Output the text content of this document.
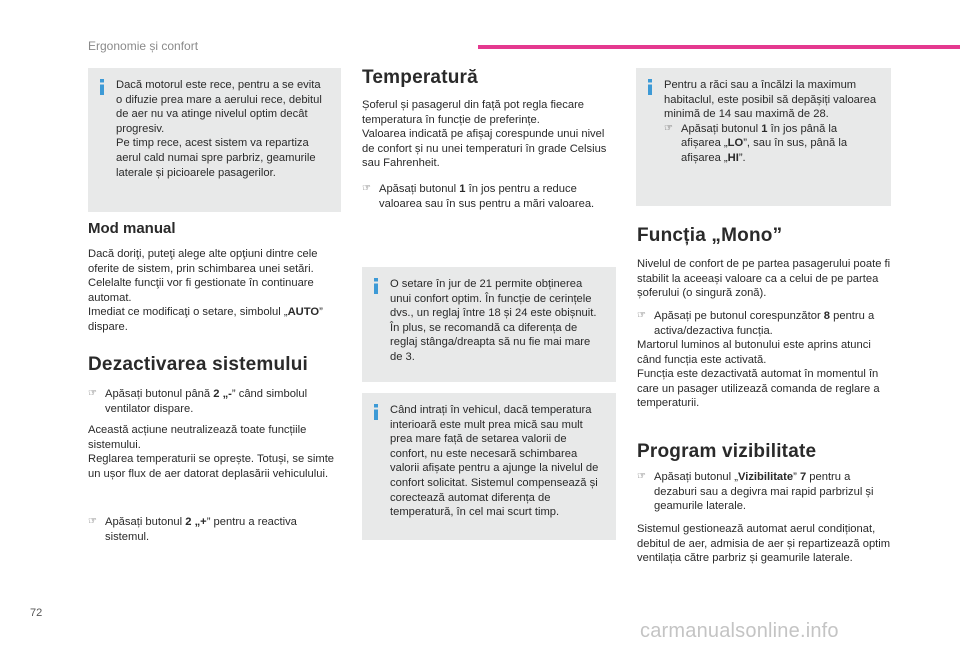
Ergonomie și confort

Dacă motorul este rece, pentru a se evita o difuzie prea mare a aerului rece, debitul de aer nu va atinge nivelul optim decât progresiv.
Pe timp rece, acest sistem va repartiza aerul cald numai spre parbriz, geamurile laterale și picioarele pasagerilor.

Mod manual

Dacă doriţi, puteţi alege alte opţiuni dintre cele oferite de sistem, prin schimbarea unei setări. Celelalte funcţii vor fi gestionate în continuare automat.
Imediat ce modificaţi o setare, simbolul „AUTO” dispare.

Dezactivarea sistemului
☞ Apăsați butonul până 2 „-” când simbolul ventilator dispare.

Această acțiune neutralizează toate funcțiile sistemului.
Reglarea temperaturii se oprește. Totuși, se simte un ușor flux de aer datorat deplasării vehiculului.

☞ Apăsați butonul 2 „+” pentru a reactiva sistemul.
Temperatură

Șoferul și pasagerul din față pot regla fiecare temperatura în funcție de preferințe.
Valoarea indicată pe afișaj corespunde unui nivel de confort și nu unei temperaturi în grade Celsius sau Fahrenheit.

☞ Apăsați butonul 1 în jos pentru a reduce valoarea sau în sus pentru a mări valoarea.

O setare în jur de 21 permite obținerea unui confort optim. În funcție de cerințele dvs., un reglaj între 18 și 24 este obișnuit.
În plus, se recomandă ca diferența de reglaj stânga/dreapta să nu fie mai mare de 3.

Când intrați în vehicul, dacă temperatura interioară este mult prea mică sau mult prea mare față de setarea valorii de confort, nu este necesară schimbarea valorii afișate pentru a ajunge la nivelul de confort solicitat. Sistemul compensează și corectează automat diferența de temperatură, în cel mai scurt timp.

Pentru a răci sau a încălzi la maximum habitaclul, este posibil să depășiți valoarea minimă de 14 sau maximă de 28.

☞ Apăsați butonul 1 în jos până la afișarea „LO”, sau în sus, până la afișarea „HI”.
Funcția „Mono”

Nivelul de confort de pe partea pasagerului poate fi stabilit la aceeași valoare ca a celui de pe partea șoferului (o singură zonă).

☞ Apăsați pe butonul corespunzător 8 pentru a activa/dezactiva funcția.

Martorul luminos al butonului este aprins atunci când funcția este activată.
Funcția este dezactivată automat în momentul în care un pasager utilizează comanda de reglare a temperaturii.

Program vizibilitate
☞ Apăsați butonul „Vizibilitate” 7 pentru a dezaburi sau a degivra mai rapid parbrizul și geamurile laterale.

Sistemul gestionează automat aerul condiționat, debitul de aer, admisia de aer și repartizează optim ventilația către parbriz și geamurile laterale.

72
carmanualsonline.info
